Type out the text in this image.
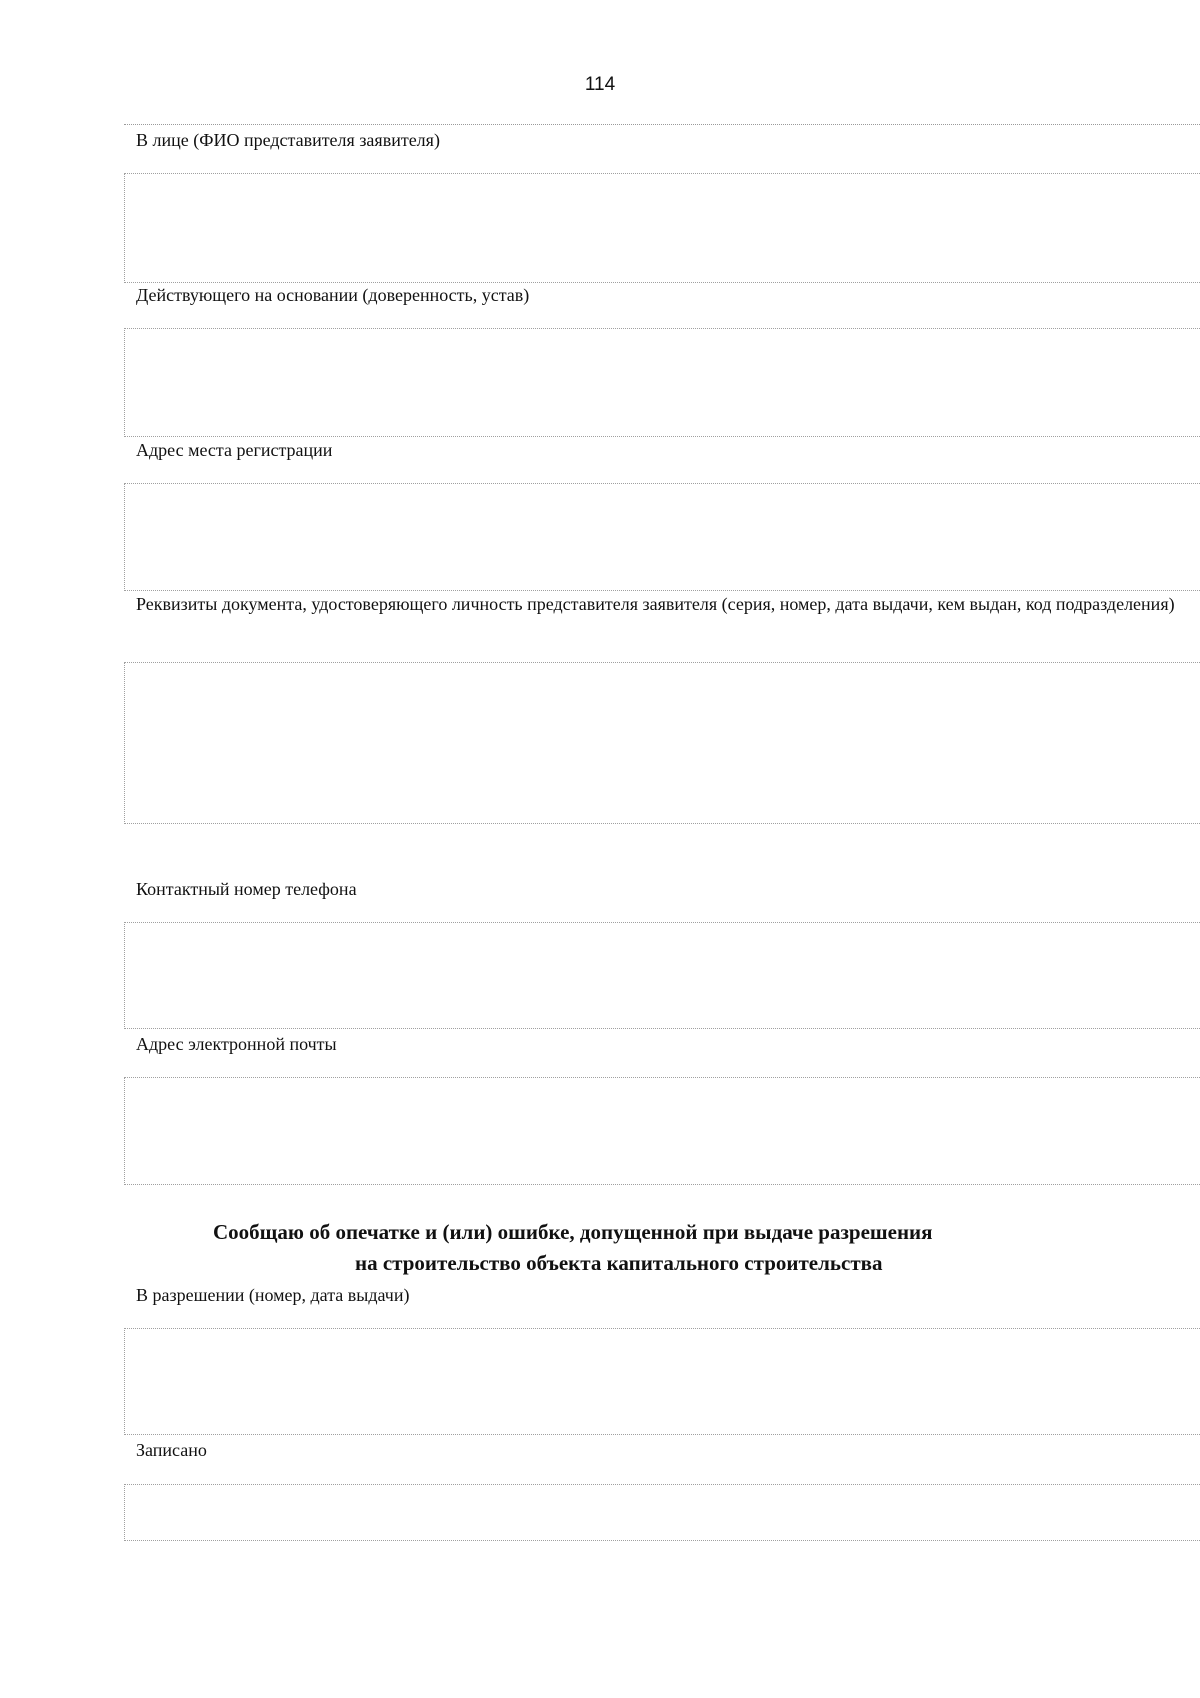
114
В лице (ФИО представителя заявителя)
Действующего на основании (доверенность, устав)
Адрес места регистрации
Реквизиты документа, удостоверяющего личность представителя заявителя (серия, номер, дата выдачи, кем выдан, код подразделения)
Контактный номер телефона
Адрес электронной почты
Сообщаю об опечатке и (или) ошибке, допущенной при выдаче разрешения
на строительство объекта капитального строительства
В разрешении (номер, дата выдачи)
Записано
